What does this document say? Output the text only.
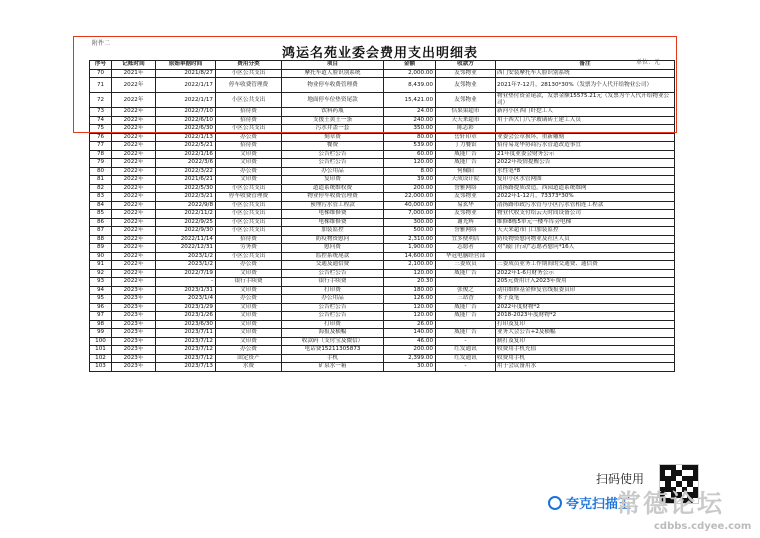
附件二
鸿运名苑业委会费用支出明细表
单位：元
序号	记账时间	原始单据时间	费用分类	项目	金额	收款方	备注
70	2021年	2021/8/27	小区公共支出	摩托车道人脸识别系统	2,000.00	友邻物业	西门安装摩托车人脸识别系统
71	2022年	2022/1/17	停车收费管理费	物业停车收费管理费	8,439.00	友邻物业	2021年7-12月，28130*30%（发票为个人代开给物业公司）
72	2022年	2022/1/17	小区公共支出	地面停车位垫资尾款	15,421.00	友邻物业	物业垫付资金尾款，发票金额15575.21元（发票为个人代开给物业公司）
73	2022年	2022/7/10	招待费	饮料药瓶	24.00	恬果果超市	新河小区西门纤挖工人
74	2022年	2022/6/10	招待费	支援王黄王一条	240.00	天天来超市	用于西大门八字玻璃砖土建工人员
75	2022年	2022/6/30	小区公共支出	污水井盖一套	350.00	陈志彩	
76	2022年	2022/1/13	办公费	刻章费	80.00	岳轩印章	业委会公章损坏，重新雕刻
77	2022年	2022/5/21	招待费	餐费	539.00	丁力餐馆	招待易龙华协商污水管道改造事宜
78	2022年	2022/1/16	文印费	公告栏公告	60.00	威能广告	21年度业委会财务公示
79	2022年	2022/3/6	文印费	公告栏公告	120.00	威能广告	2022年疫情提醒公告
80	2022年	2022/3/22	办公费	办公用品	8.00	何佩阳	水性笔*8
81	2022年	2021/6/21	文印费	复印费	39.00	天成设计院	复印小区水管网图
82	2022年	2022/5/30	小区公共支出	道道系统维权费	200.00	誉雅网络	清扬路提质改造，西园道道系统维网
83	2022年	2022/3/21	停车收费管理费	物业停车收费管理费	22,000.00	友邻物业	2022年1-12月，73373*30%
84	2022年	2022/9/8	小区公共支出	预埋污水管工程款	40,000.00	易玄华	清扬路市政污水管与小区污水管相连工程款
85	2022年	2022/11/2	小区公共支出	电梯维修费	7,000.00	友邻物业	物业代收支付给云天时间设备公司
86	2022年	2022/9/25	小区公共支出	电梯维修费	300.00	谢光辉	维修8栋5单元一楼车库旁电梯
87	2022年	2022/9/30	小区公共支出	加装监控	500.00	誉雅网络	天天来超市门口加装监控
88	2022年	2022/11/14	招待费	防疫物资慰问	2,310.00	宜多便利店	防疫物资慰问物业及社区人员
89	2022年	2022/12/31	劳务费	慰问费	1,900.00	志愿者	对“敲门行动”志愿者慰问*16人
90	2022年	2023/1/2	小区公共支出	监控系统尾款	14,600.00	华冠电脑经营部	
91	2022年	2023/1/2	办公费	交通及通信费	2,100.00	三委成员	三委成员业务工作期间的交通费、通信费
92	2022年	2022/7/19	文印费	公告栏公告	120.00	威能广告	2022年1-6月财务公示
93	2022年	-	银行手续费	银行手续费	20.30		205元费用计入2023年费用
94	2023年	2023/1/31	文印费	打印费	180.00	张俊之	动用维修基金修复管线报委员印
95	2023年	2023/1/4	办公费	办公用品	126.00	三站香	本子及笔
96	2023年	2023/1/29	文印费	公告栏公告	120.00	威能广告	2022年度财物*2
97	2023年	2023/1/26	文印费	公告栏公告	120.00	威能广告	2018-2023年度财物*2
98	2023年	2023/6/30	文印费	打印费	26.00		打印及复印
99	2023年	2023/7/11	文印费	海报及横幅	140.00	威能广告	业务大会公告+2及横幅
100	2023年	2023/7/12	文印费	收款码（支付宝及微信）	46.00	-	制打及复印
101	2023年	2023/7/12	办公费	电话费15211305873	200.00	红发通讯	收费用手机充值
102	2023年	2023/7/12	固定资产	手机	2,399.00	红发通讯	收费用手机
103	2023年	2023/7/13	水费	矿泉水一箱	30.00	-	用于会议备用水
扫码使用
夸克扫描王
常德论坛
cdbbs.cdyee.com
